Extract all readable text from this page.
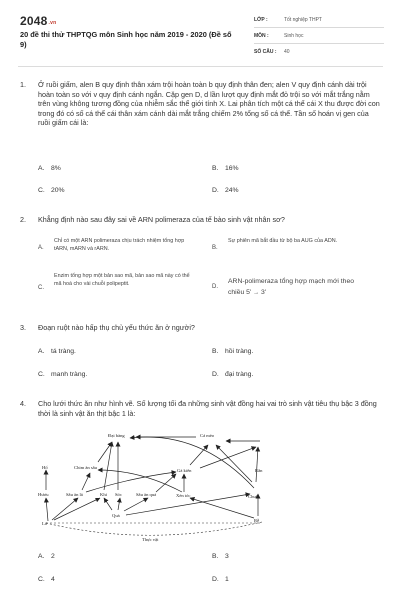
2048.vn
20 đề thi thử THPTQG môn Sinh học năm 2019 - 2020 (Đề số 9)
LỚP :	Tốt nghiệp THPT
MÔN :	Sinh học
SỐ CÂU :	40
1. Ở ruồi giấm, alen B quy định thân xám trội hoàn toàn b quy định thân đen; alen V quy định cánh dài trội hoàn toàn so với v quy định cánh ngắn. Cặp gen D, d lần lượt quy định mắt đỏ trội so với mắt trắng nằm trên vùng không tương đồng của nhiễm sắc thể giới tính X. Lai phân tích một cá thể cái X thu được đời con trong đó có số cá thể cái thân xám cánh dài mắt trắng chiếm 2% tổng số cá thể. Tần số hoán vị gen của ruồi giấm cái là:
A. 8%	B. 16%
C. 20%	D. 24%
2. Khẳng định nào sau đây sai về ARN polimeraza của tế bào sinh vật nhân sơ?
A.
Chỉ có một ARN polimeraza chịu trách nhiệm tổng hợp tARN, mARN và rARN.	B.
Sự phiên mã bắt đầu từ bộ ba AUG của ADN.
C.
Enzim tổng hợp một bản sao mã, bản sao mã này có thể mã hoá cho vài chuỗi polipeptit.	D.
ARN-polimeraza tổng hợp mạch mới theo chiều 5' → 3'
3. Đoạn ruột nào hấp thụ chủ yếu thức ăn ở người?
A. tá tràng.	B. hồi tràng.
C. manh tràng.	D. đại tràng.
4. Cho lưới thức ăn như hình vẽ. Số lượng tối đa những sinh vật đồng hai vai trò sinh vật tiêu thụ bậc 3 đồng thời là sinh vật ăn thịt bậc 1 là:
Đại bàng	Cá mèo
Chim ăn sâu
Hổ
Gà kiến	Rắn
Hươu	Sâu ăn lá	Khỉ Sóc	Sâu ăn quả	Xén tóc	Chuột
Lá
Quả
Rễ
Thực vật
A. 2	B. 3
C. 4	D. 1
